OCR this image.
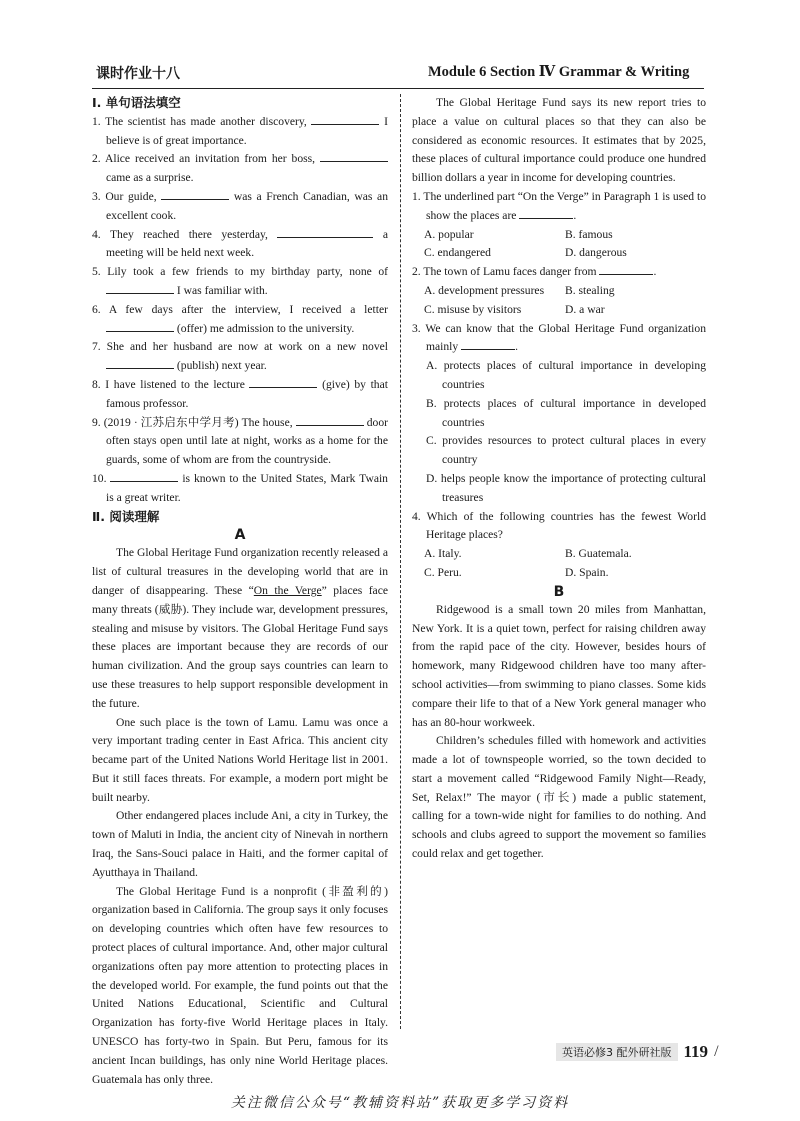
课时作业十八	Module 6 Section Ⅳ Grammar & Writing

Ⅰ. 单句语法填空

1. The scientist has made another discovery,	I believe is of great importance.

2. Alice received an invitation from her boss,  came as a surprise.

3. Our guide,	was a French Canadian, was an excellent cook.

4. They reached there yesterday,	a meeting will be held next week.

5. Lily took a few friends to my birthday party, none of  I was familiar with.

6. A few days after the interview, I received a letter  (offer) me admission to the university.

7. She and her husband are now at work on a new novel  (publish) next year.

8. I have listened to the lecture	(give) by that famous professor.

9. (2019 · 江苏启东中学月考) The house,	door often stays open until late at night, works as a home for the guards, some of whom are from the countryside.

10.	is known to the United States, Mark Twain is a great writer.

Ⅱ. 阅读理解

A

The Global Heritage Fund organization recently released a list of cultural treasures in the developing world that are in danger of disappearing. These “On the Verge” places face many threats (威胁). They include war, development pressures, stealing and misuse by visitors. The Global Heritage Fund says these places are important because they are records of our human civilization. And the group says countries can learn to use these treasures to help support responsible development in the future.

One such place is the town of Lamu. Lamu was once a very important trading center in East Africa. This ancient city became part of the United Nations World Heritage list in 2001. But it still faces threats. For example, a modern port might be built nearby.

Other endangered places include Ani, a city in Turkey, the town of Maluti in India, the ancient city of Ninevah in northern Iraq, the Sans-Souci palace in Haiti, and the former capital of Ayutthaya in Thailand.

The Global Heritage Fund is a nonprofit (非盈利的) organization based in California. The group says it only focuses on developing countries which often have few resources to protect places of cultural importance. And, other major cultural organizations often pay more attention to protecting places in the developed world. For example, the fund points out that the United Nations Educational, Scientific and Cultural Organization has forty-five World Heritage places in Italy. UNESCO has forty-two in Spain. But Peru, famous for its ancient Incan buildings, has only nine World Heritage places. Guatemala has only three.

The Global Heritage Fund says its new report tries to place a value on cultural places so that they can also be considered as economic resources. It estimates that by 2025, these places of cultural importance could produce one hundred billion dollars a year in income for developing countries.

1. The underlined part “On the Verge” in Paragraph 1 is used to show the places are	.

A. popular	B. famous
C. endangered	D. dangerous

2. The town of Lamu faces danger from	.

A. development pressures	B. stealing
C. misuse by visitors	D. a war

3. We can know that the Global Heritage Fund organization mainly	.

A. protects places of cultural importance in developing countries

B. protects places of cultural importance in developed countries

C. provides resources to protect cultural places in every country

D. helps people know the importance of protecting cultural treasures

4. Which of the following countries has the fewest World Heritage places?

A. Italy.	B. Guatemala.
C. Peru.	D. Spain.

B

Ridgewood is a small town 20 miles from Manhattan, New York. It is a quiet town, perfect for raising children away from the rapid pace of the city. However, besides hours of homework, many Ridgewood children have too many after-school activities—from swimming to piano classes. Some kids compare their life to that of a New York general manager who has an 80-hour workweek.

Children’s schedules filled with homework and activities made a lot of townspeople worried, so the town decided to start a movement called “Ridgewood Family Night—Ready, Set, Relax!” The mayor (市长) made a public statement, calling for a town-wide night for families to do nothing. And schools and clubs agreed to support the movement so families could relax and get together.

英语必修3 配外研社版 119 /
关注微信公众号“教辅资料站”获取更多学习资料
